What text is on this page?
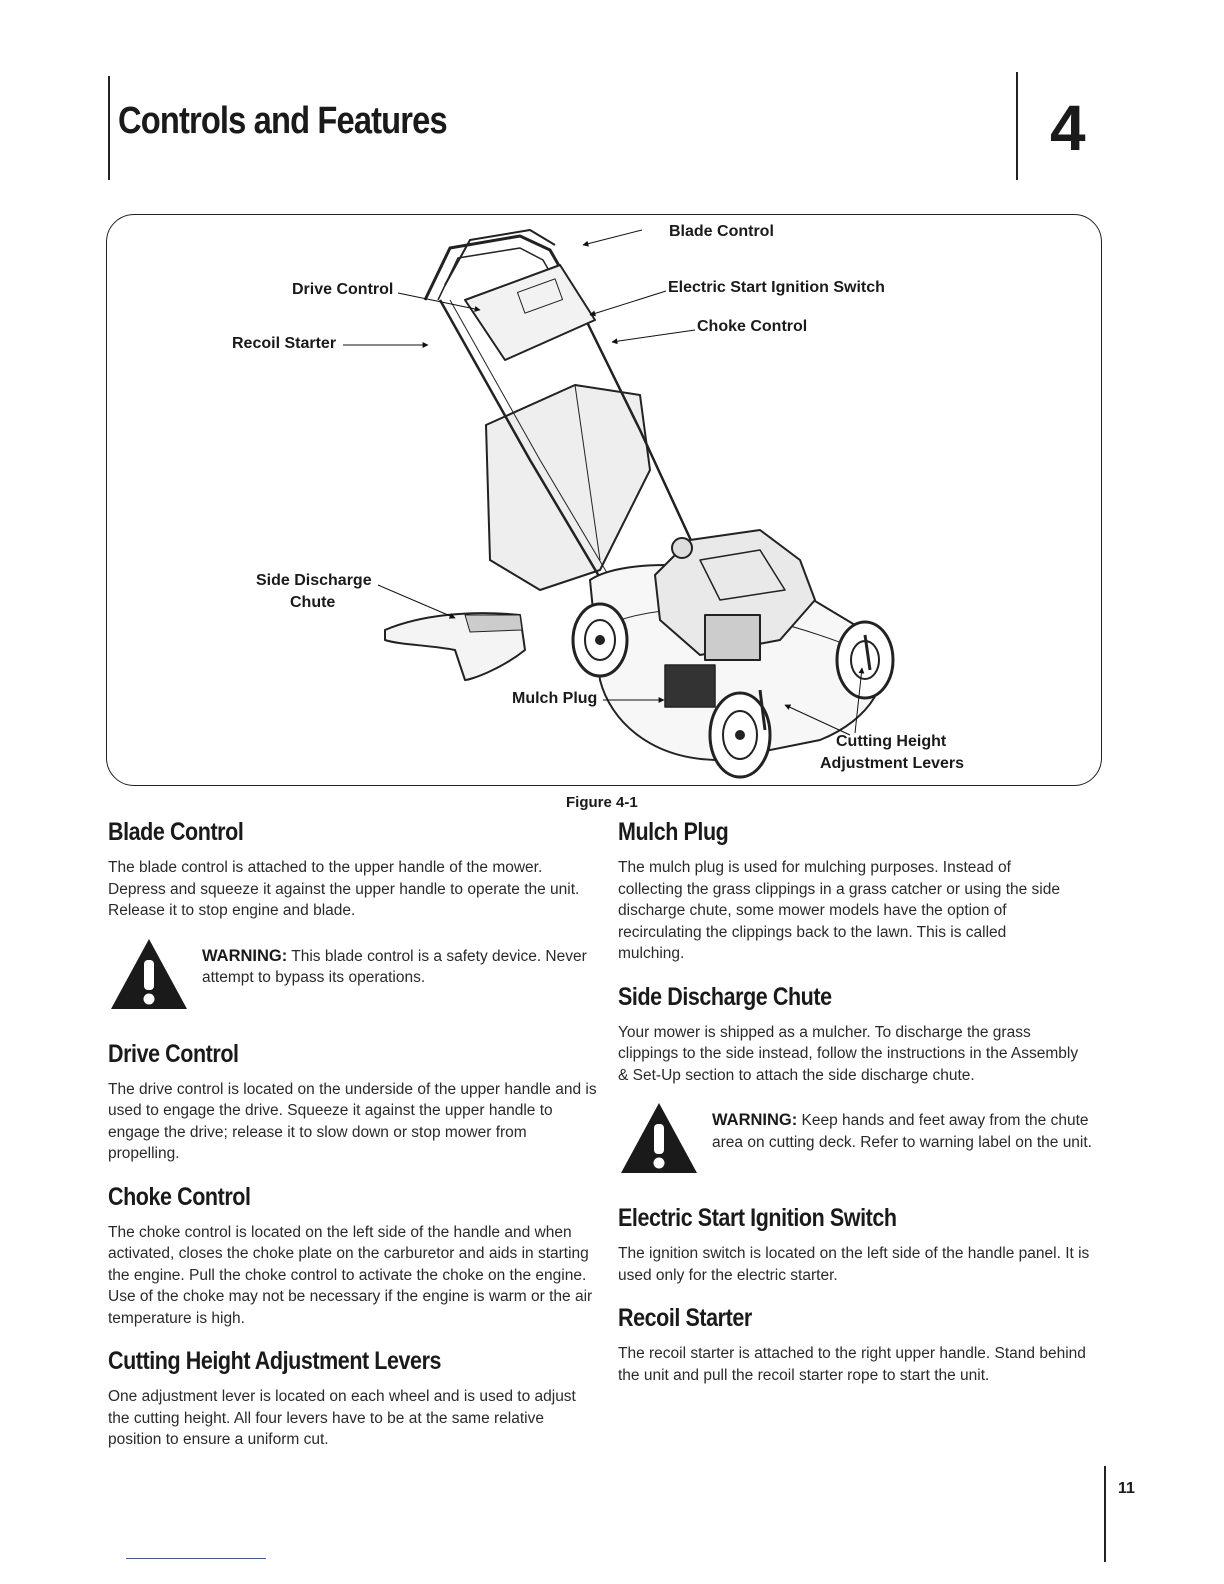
Controls and Features	4
Blade Control
Drive Control	Electric Start Ignition Switch
Recoil Starter
Choke Control
Side Discharge
Chute
Mulch Plug
Cutting Height
Adjustment Levers
Figure 4-1
Blade Control

The blade control is attached to the upper handle of the mower. Depress and squeeze it against the upper handle to operate the unit. Release it to stop engine and blade.

WARNING: This blade control is a safety device. Never attempt to bypass its operations.
Drive Control

The drive control is located on the underside of the upper handle and is used to engage the drive. Squeeze it against the upper handle to engage the drive; release it to slow down or stop mower from propelling.

Choke Control

The choke control is located on the left side of the handle and when activated, closes the choke plate on the carburetor and aids in starting the engine. Pull the choke control to activate the choke on the engine. Use of the choke may not be necessary if the engine is warm or the air temperature is high.

Cutting Height Adjustment Levers

One adjustment lever is located on each wheel and is used to adjust the cutting height. All four levers have to be at the same relative position to ensure a uniform cut.

Mulch Plug

The mulch plug is used for mulching purposes. Instead of collecting the grass clippings in a grass catcher or using the side discharge chute, some mower models have the option of recirculating the clippings back to the lawn. This is called mulching.

Side Discharge Chute

Your mower is shipped as a mulcher. To discharge the grass clippings to the side instead, follow the instructions in the Assembly & Set-Up section to attach the side discharge chute.

WARNING: Keep hands and feet away from the chute area on cutting deck. Refer to warning label on the unit.
Electric Start Ignition Switch

The ignition switch is located on the left side of the handle panel. It is used only for the electric starter.

Recoil Starter

The recoil starter is attached to the right upper handle. Stand behind the unit and pull the recoil starter rope to start the unit.

11
